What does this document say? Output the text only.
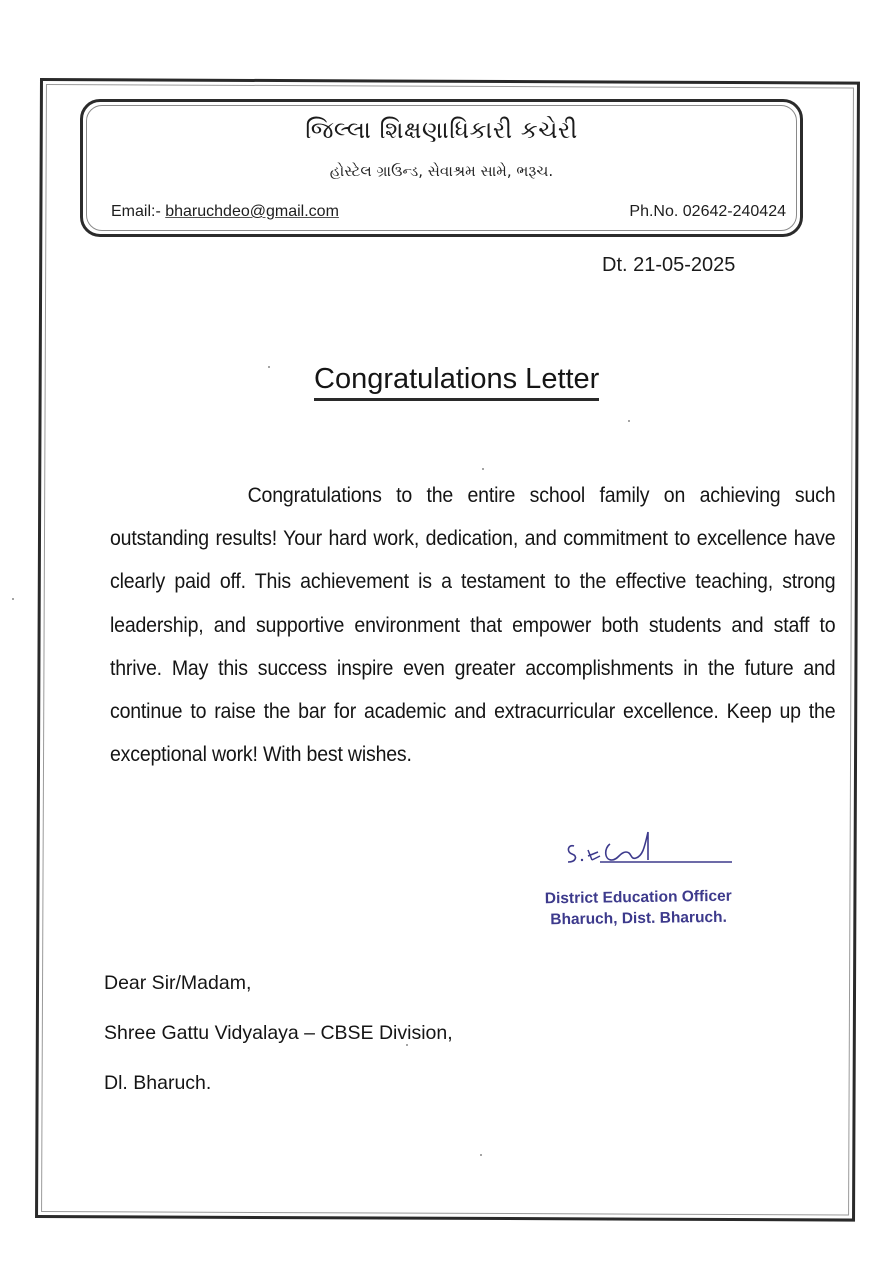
જિલ્લા શિક્ષણાધિકારી કચેરી
હોસ્ટેલ ગ્રાઉન્ડ, સેવાશ્રમ સામે, ભરૂચ.
Email:- bharuchdeo@gmail.com	Ph.No. 02642-240424
Dt. 21-05-2025
Congratulations Letter
Congratulations to the entire school family on achieving such outstanding results! Your hard work, dedication, and commitment to excellence have clearly paid off. This achievement is a testament to the effective teaching, strong leadership, and supportive environment that empower both students and staff to thrive. May this success inspire even greater accomplishments in the future and continue to raise the bar for academic and extracurricular excellence. Keep up the exceptional work! With best wishes.
District Education Officer
Bharuch, Dist. Bharuch.
Dear Sir/Madam,
Shree Gattu Vidyalaya – CBSE Division,
Dl. Bharuch.
